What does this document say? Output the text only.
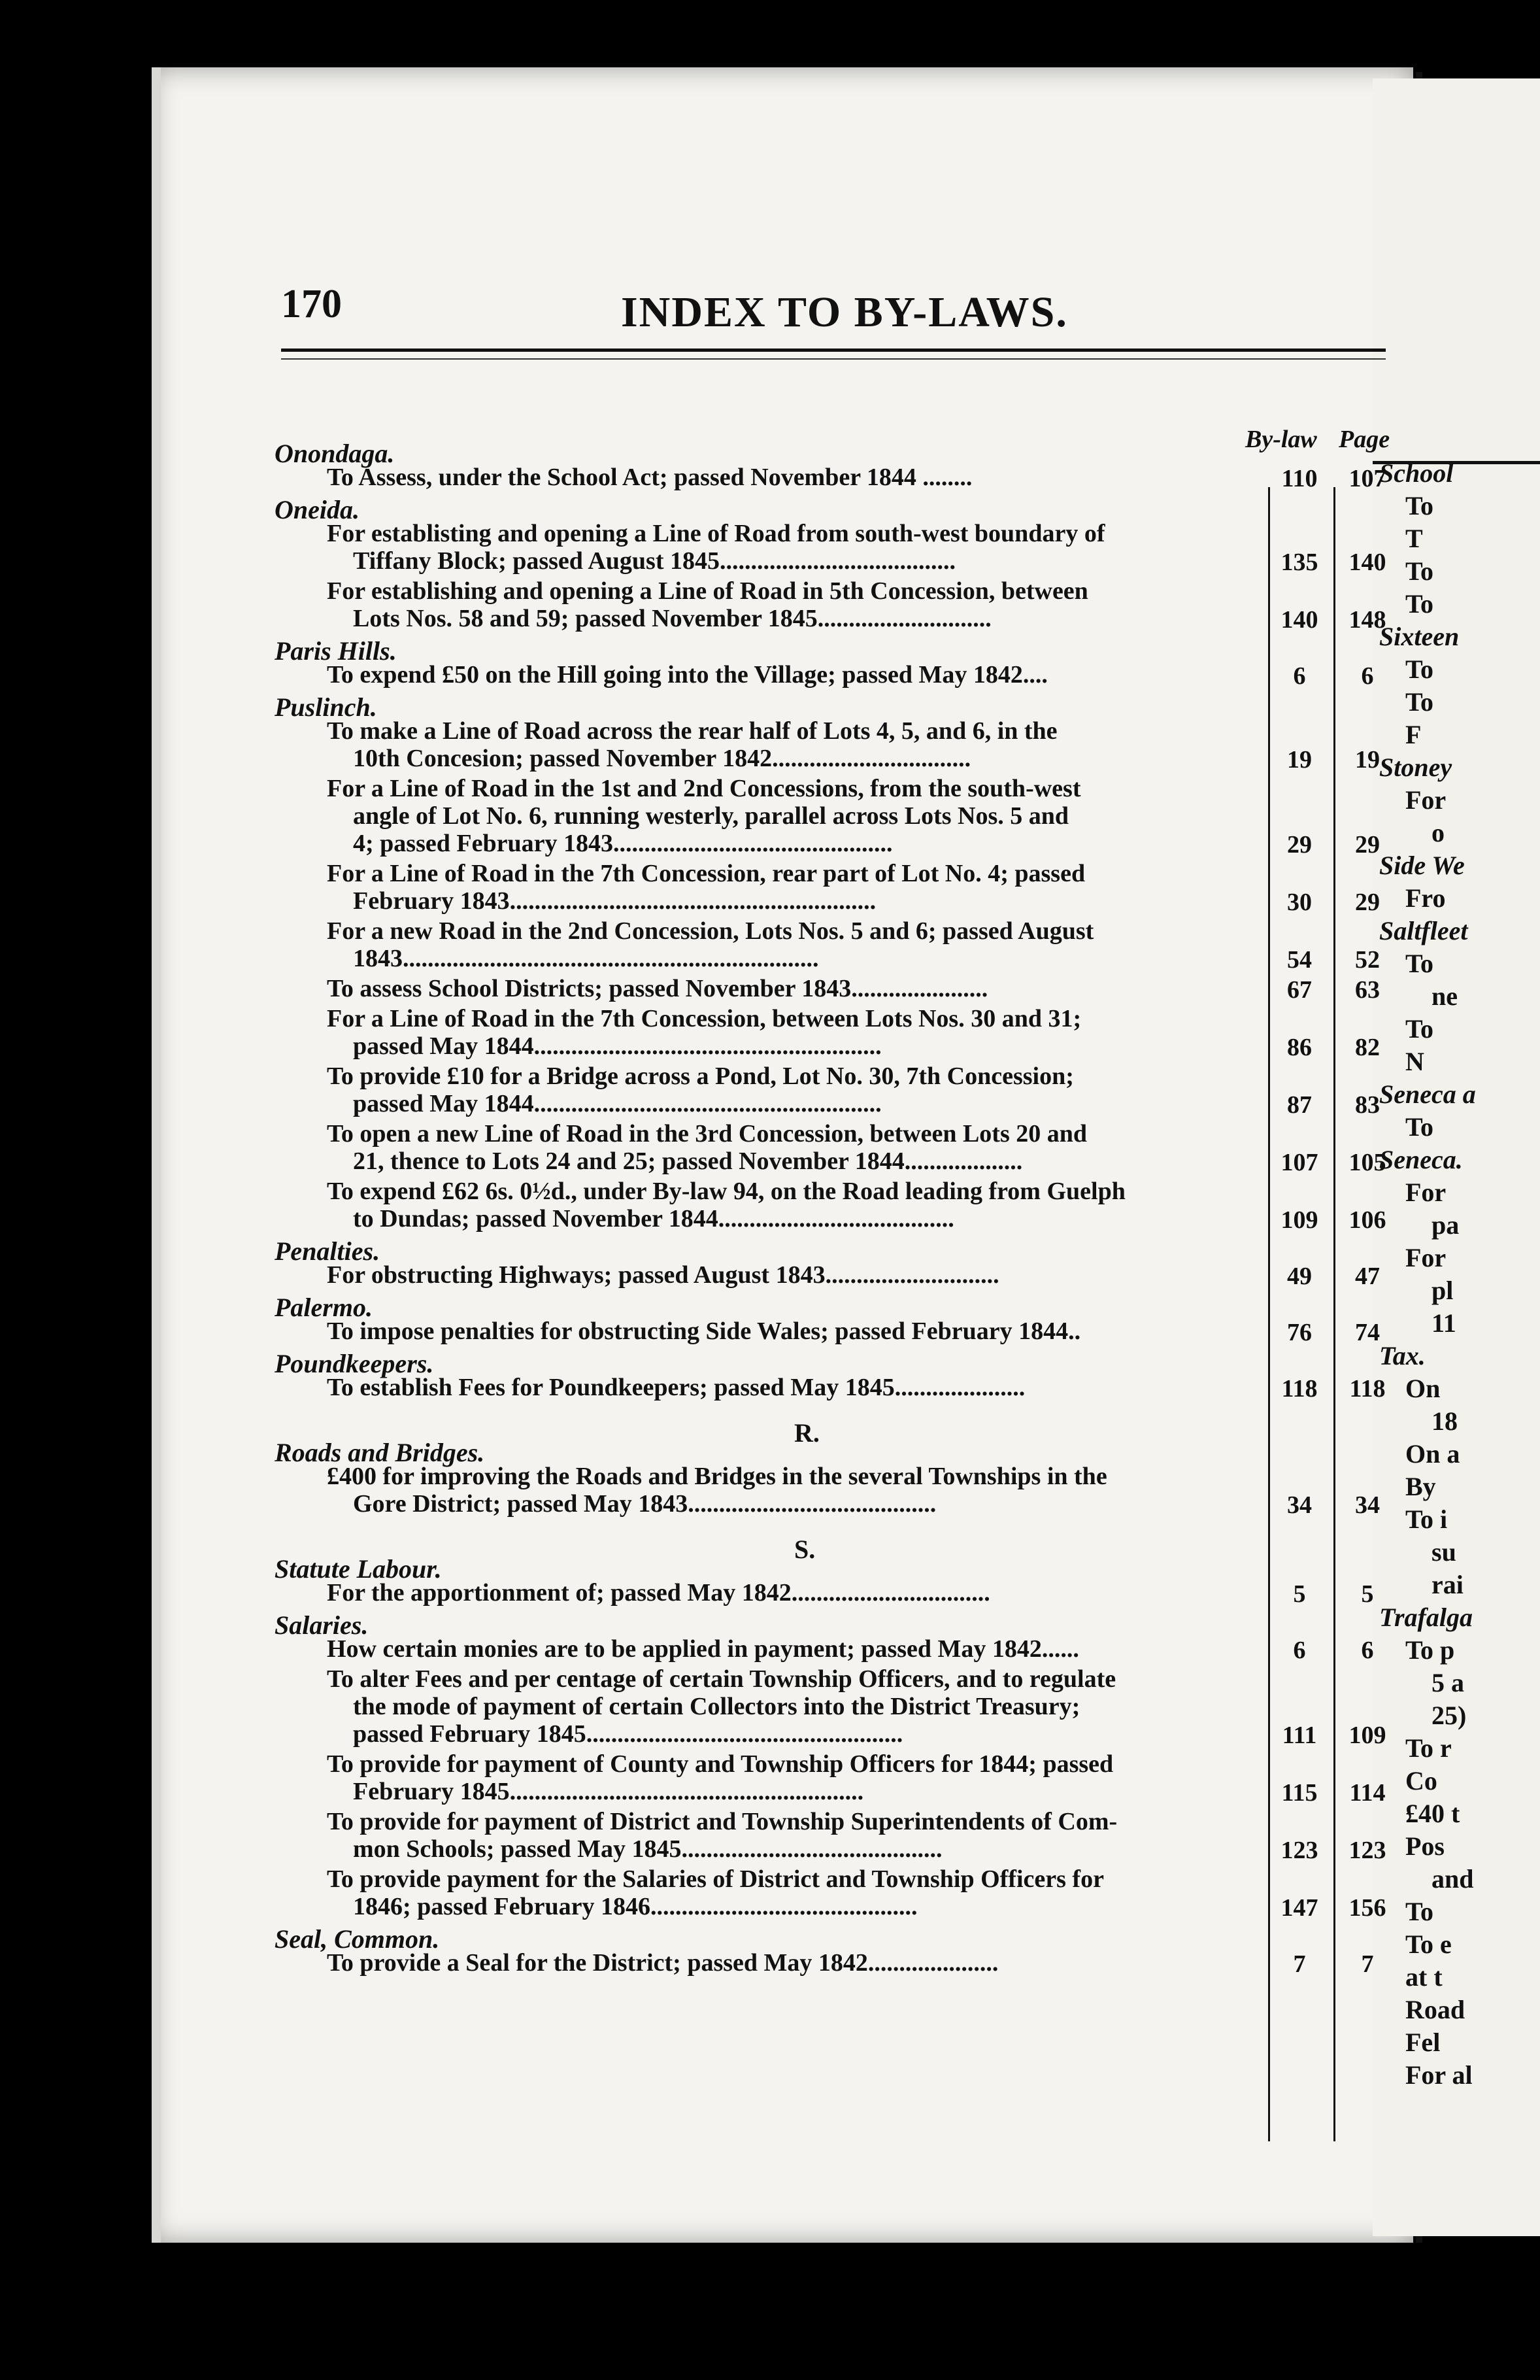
School
To
T
To
To
Sixteen
To
To
F
Stoney
For
o
Side We
Fro
Saltfleet
To
ne
To
N
Seneca a
To
Seneca.
For
pa
For
pl
11
Tax.
On
18
On a
By
To i
su
rai
Trafalga
To p
5 a
25)
To r
Co
£40 t
Pos
and
To
To e
at t
Road
Fel
For al
170	INDEX TO BY-LAWS.
By-law Page
Onondaga.
To Assess, under the School Act; passed November 1844 ........	110	107
Oneida.
For establisting and opening a Line of Road from south-west boundary of
Tiffany Block; passed August 1845......................................	135	140
For establishing and opening a Line of Road in 5th Concession, between
Lots Nos. 58 and 59; passed November 1845............................	140	148
Paris Hills.
To expend £50 on the Hill going into the Village; passed May 1842....	6	6
Puslinch.
To make a Line of Road across the rear half of Lots 4, 5, and 6, in the
10th Concesion; passed November 1842................................	19	19
For a Line of Road in the 1st and 2nd Concessions, from the south-west
angle of Lot No. 6, running westerly, parallel across Lots Nos. 5 and
4; passed February 1843.............................................	29	29
For a Line of Road in the 7th Concession, rear part of Lot No. 4; passed
February 1843...........................................................	30	29
For a new Road in the 2nd Concession, Lots Nos. 5 and 6; passed August
1843...................................................................	54	52
To assess School Districts; passed November 1843......................	67	63
For a Line of Road in the 7th Concession, between Lots Nos. 30 and 31;
passed May 1844........................................................	86	82
To provide £10 for a Bridge across a Pond, Lot No. 30, 7th Concession;
passed May 1844........................................................	87	83
To open a new Line of Road in the 3rd Concession, between Lots 20 and
21, thence to Lots 24 and 25; passed November 1844...................	107	105
To expend £62 6s. 0½d., under By-law 94, on the Road leading from Guelph
to Dundas; passed November 1844......................................	109	106
Penalties.
For obstructing Highways; passed August 1843............................	49	47
Palermo.
To impose penalties for obstructing Side Wales; passed February 1844..	76	74
Poundkeepers.
To establish Fees for Poundkeepers; passed May 1845.....................	118	118
R.
Roads and Bridges.
£400 for improving the Roads and Bridges in the several Townships in the
Gore District; passed May 1843........................................	34	34
S.
Statute Labour.
For the apportionment of; passed May 1842................................	5	5
Salaries.
How certain monies are to be applied in payment; passed May 1842......	6	6
To alter Fees and per centage of certain Township Officers, and to regulate
the mode of payment of certain Collectors into the District Treasury;
passed February 1845...................................................	111	109
To provide for payment of County and Township Officers for 1844; passed
February 1845.........................................................	115	114
To provide for payment of District and Township Superintendents of Com-
mon Schools; passed May 1845..........................................	123	123
To provide payment for the Salaries of District and Township Officers for
1846; passed February 1846...........................................	147	156
Seal, Common.
To provide a Seal for the District; passed May 1842.....................	7	7
